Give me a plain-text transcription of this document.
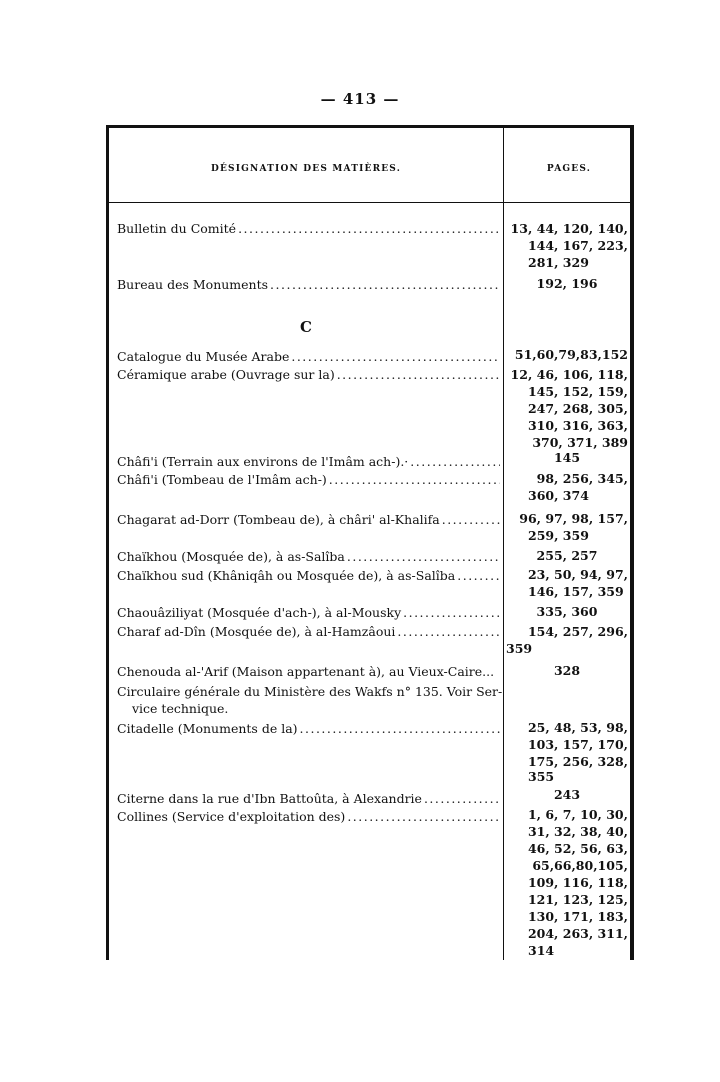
— 413 —
DÉSIGNATION DES MATIÈRES.	PAGES.
Bulletin du Comité .....	13, 44, 120, 140,
144, 167, 223,
281, 329
Bureau des Monuments .....	192, 196
C
Catalogue du Musée Arabe .....	51,60,79,83,152
Céramique arabe (Ouvrage sur la) .....	12, 46, 106, 118,
145, 152, 159,
247, 268, 305,
310, 316, 363,
370, 371, 389
Châfi'i (Terrain aux environs de l'Imâm ach-).· .....	145
Châfi'i (Tombeau de l'Imâm ach-) .....	98, 256, 345,
360, 374
Chagarat ad-Dorr (Tombeau de), à châri' al-Khalifa .....	96, 97, 98, 157,
259, 359
Chaïkhou (Mosquée de), à as-Salîba .....	255, 257
Chaïkhou sud (Khâniqâh ou Mosquée de), à as-Salîba .....	23, 50, 94, 97,
146, 157, 359
Chaouâziliyat (Mosquée d'ach-), à al-Mousky .....	335, 360
Charaf ad-Dîn (Mosquée de), à al-Hamzâoui .....	154, 257, 296,
359
Chenouda al-'Arif (Maison appartenant à), au Vieux-Caire...	328
Circulaire générale du Ministère des Wakfs n° 135. Voir Ser-
vice technique.
Citadelle (Monuments de la) .....	25, 48, 53, 98,
103, 157, 170,
175, 256, 328,
355
Citerne dans la rue d'Ibn Battoûta, à Alexandrie .....	243
Collines (Service d'exploitation des) .....	1, 6, 7, 10, 30,
31, 32, 38, 40,
46, 52, 56, 63,
65,66,80,105,
109, 116, 118,
121, 123, 125,
130, 171, 183,
204, 263, 311,
314
